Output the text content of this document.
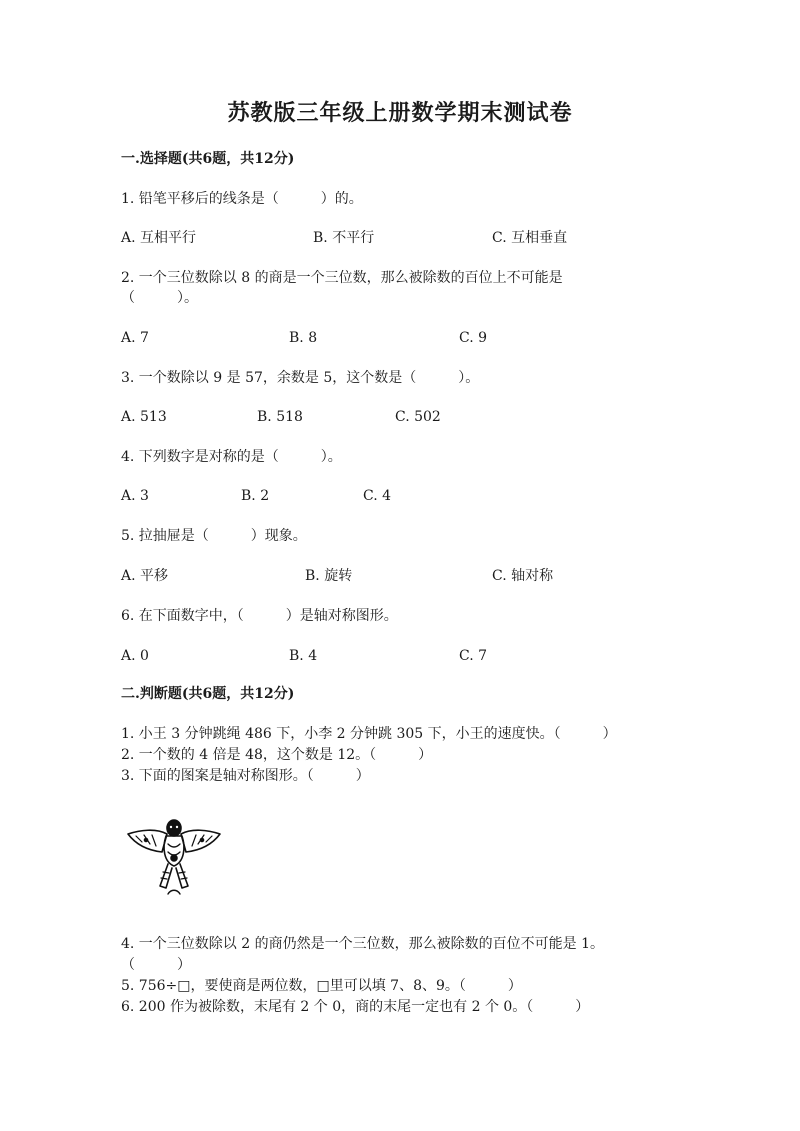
苏教版三年级上册数学期末测试卷
一.选择题(共6题，共12分)
1. 铅笔平移后的线条是（　　　）的。
A. 互相平行	B. 不平行	C. 互相垂直
2. 一个三位数除以 8 的商是一个三位数，那么被除数的百位上不可能是
（　　　）。
A. 7	B. 8	C. 9
3. 一个数除以 9 是 57，余数是 5，这个数是（　　　）。
A. 513	B. 518	C. 502
4. 下列数字是对称的是（　　　）。
A. 3	B. 2	C. 4
5. 拉抽屉是（　　　）现象。
A. 平移	B. 旋转	C. 轴对称
6. 在下面数字中，（　　　）是轴对称图形。
A. 0	B. 4	C. 7
二.判断题(共6题，共12分)
1. 小王 3 分钟跳绳 486 下，小李 2 分钟跳 305 下，小王的速度快。（　　　）
2. 一个数的 4 倍是 48，这个数是 12。（　　　）
3. 下面的图案是轴对称图形。（　　　）
4. 一个三位数除以 2 的商仍然是一个三位数，那么被除数的百位不可能是 1。
（　　　）
5. 756÷□，要使商是两位数，□里可以填 7、8、9。（　　　）
6. 200 作为被除数，末尾有 2 个 0，商的末尾一定也有 2 个 0。（　　　）
